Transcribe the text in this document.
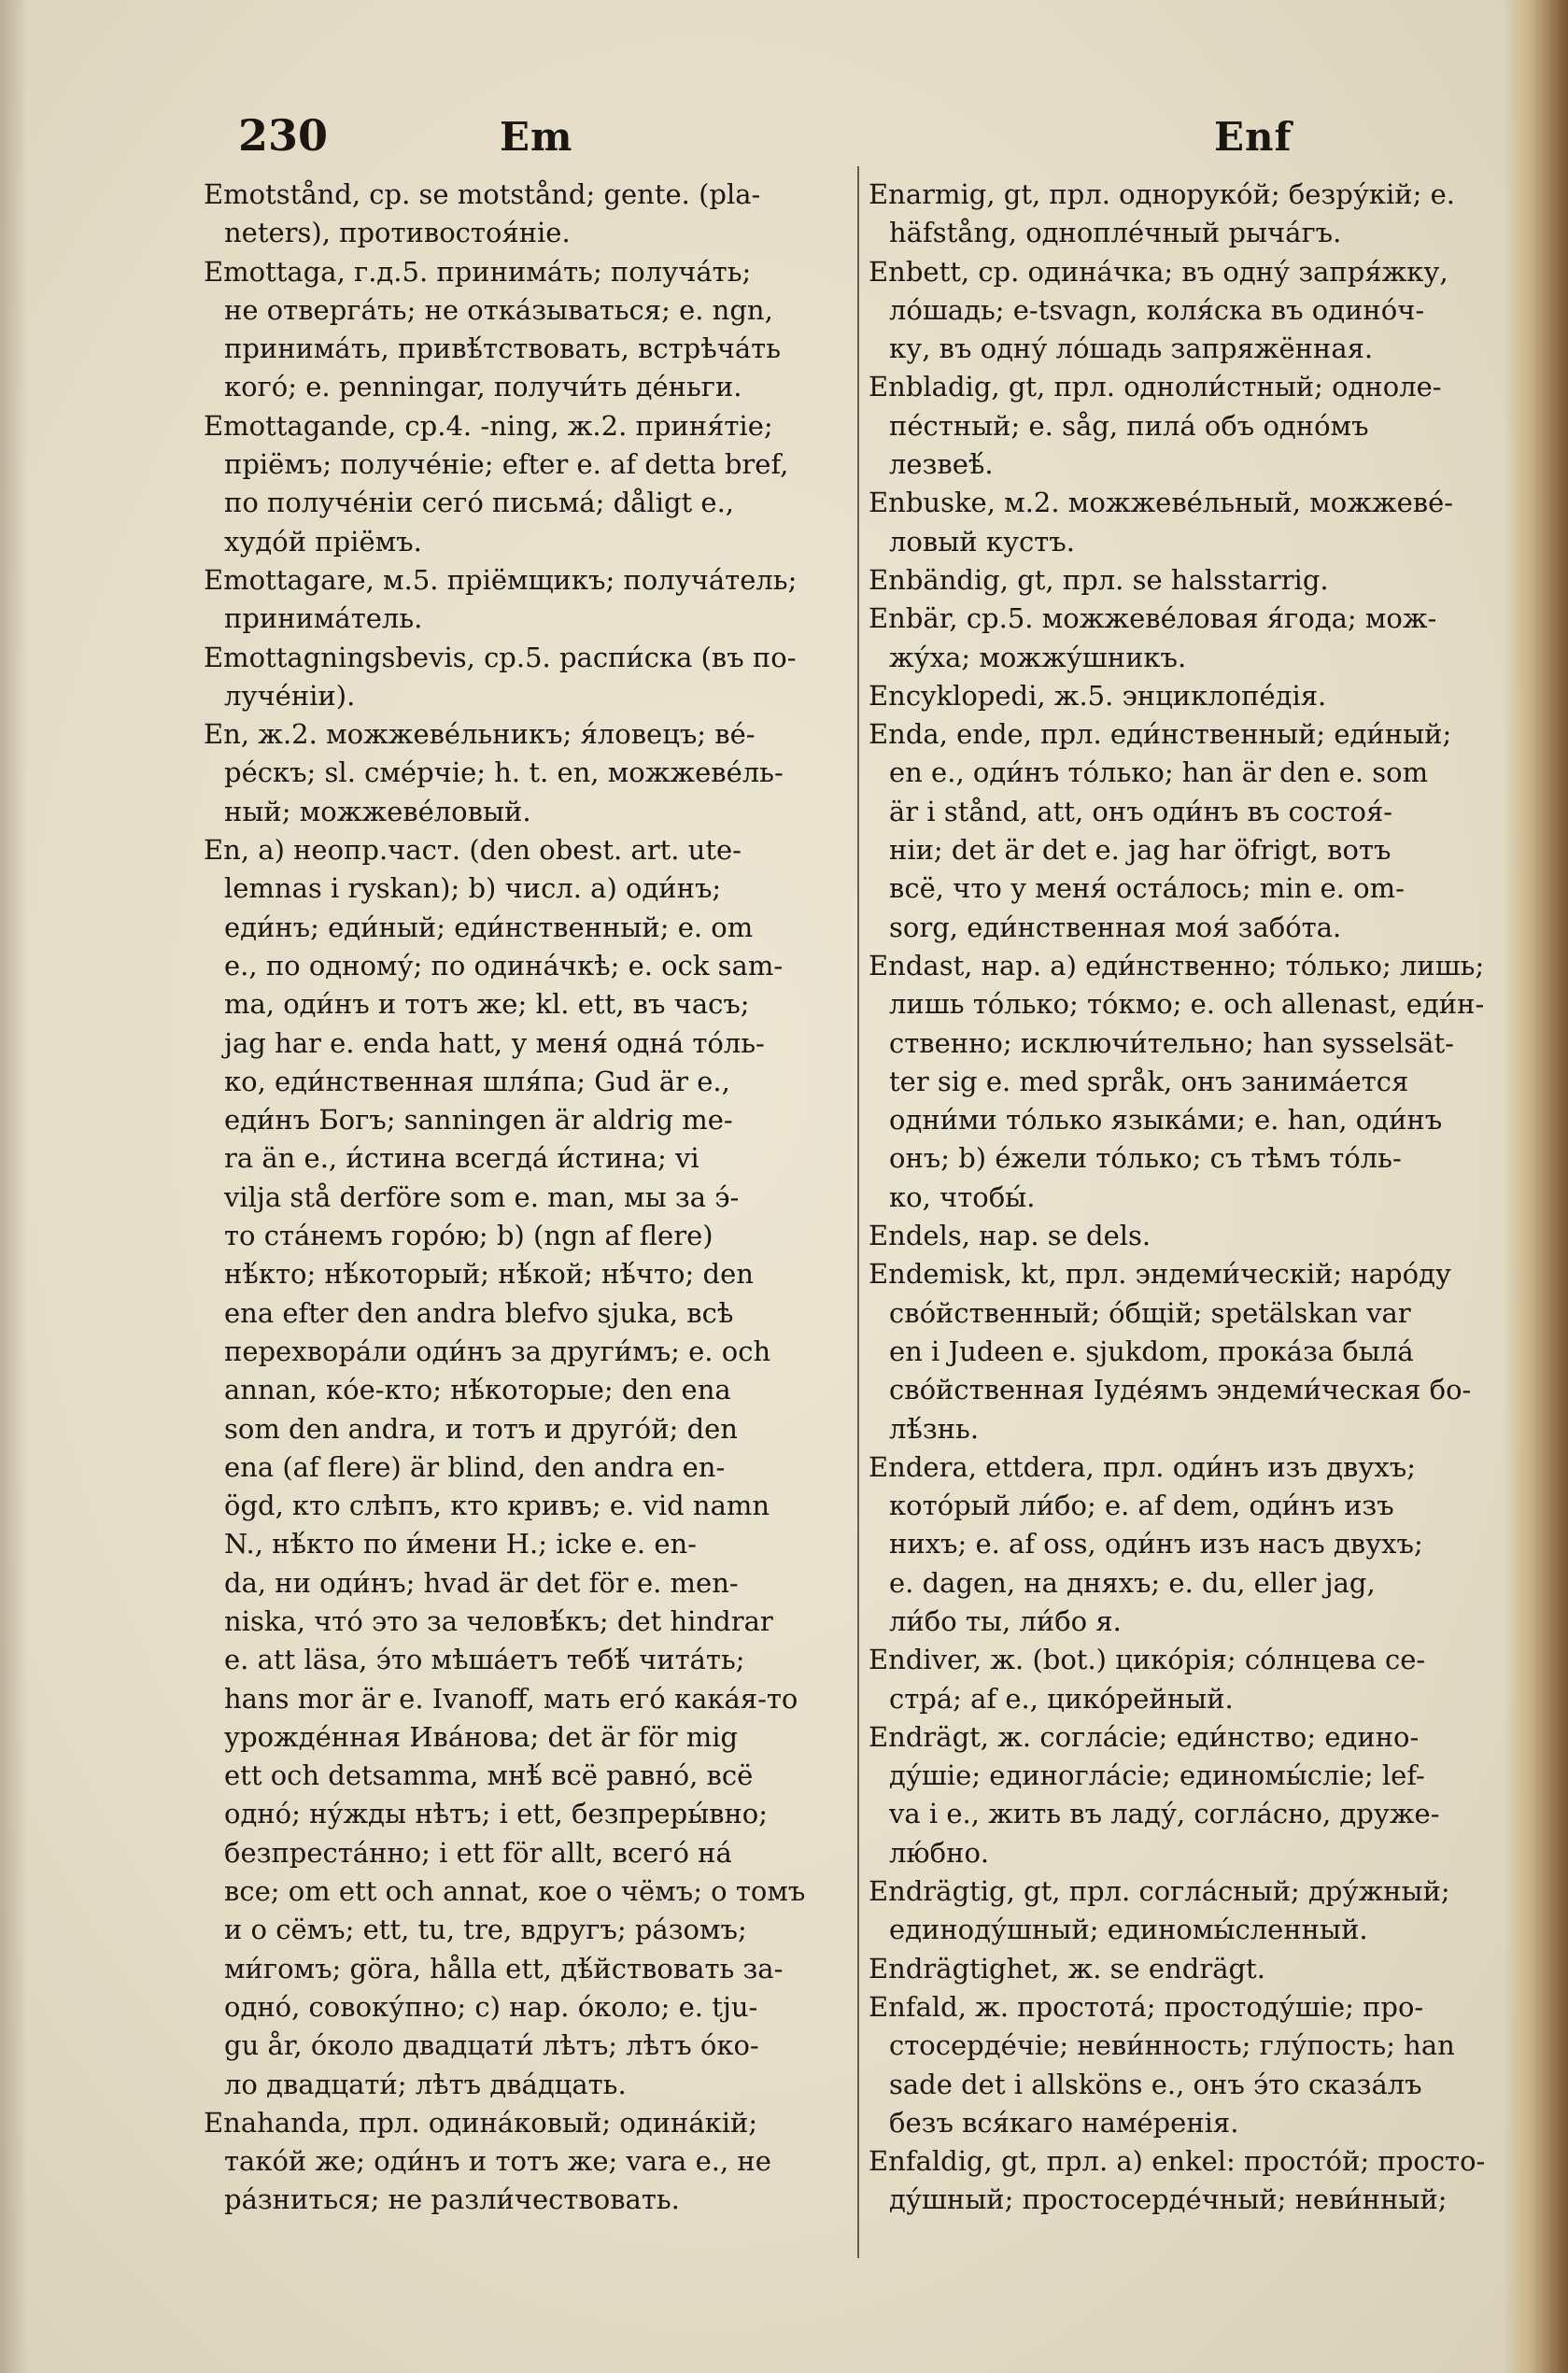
230	Em	Enf
Emotstånd, ср. se motstånd; gente. (pla-
neters), противостоя́ніе.
Emottaga, г.д.5. принима́ть; получа́ть;
не отверга́ть; не отка́зываться; e. ngn,
принима́ть, привѣ́тствовать, встрѣча́ть
кого́; e. penningar, получи́ть де́ньги.
Emottagande, ср.4. -ning, ж.2. приня́тіе;
пріёмъ; получе́ніе; efter e. af detta bref,
по получе́ніи сего́ письма́; dåligt e.,
худо́й пріёмъ.
Emottagare, м.5. пріёмщикъ; получа́тель;
принима́тель.
Emottagningsbevis, ср.5. распи́ска (въ по-
луче́ніи).
En, ж.2. можжеве́льникъ; я́ловецъ; ве́-
ре́скъ; sl. сме́рчіе; h. t. en, можжеве́ль-
ный; можжеве́ловый.
En, a) неопр.част. (den obest. art. ute-
lemnas i ryskan); b) числ. a) оди́нъ;
еди́нъ; еди́ный; еди́нственный; e. om
e., по одному́; по одина́чкѣ; e. ock sam-
ma, оди́нъ и тотъ же; kl. ett, въ часъ;
jag har e. enda hatt, у меня́ одна́ то́ль-
ко, еди́нственная шля́па; Gud är e.,
еди́нъ Богъ; sanningen är aldrig me-
ra än e., и́стина всегда́ и́стина; vi
vilja stå derföre som e. man, мы за э́-
то ста́немъ горо́ю; b) (ngn af flere)
нѣ́кто; нѣ́который; нѣ́кой; нѣ́что; den
ena efter den andra blefvo sjuka, всѣ
перехвора́ли оди́нъ за други́мъ; e. och
annan, ко́е-кто; нѣ́которые; den ena
som den andra, и тотъ и друго́й; den
ena (af flere) är blind, den andra en-
ögd, кто слѣпъ, кто кривъ; e. vid namn
N., нѣ́кто по и́мени Н.; icke e. en-
da, ни оди́нъ; hvad är det för e. men-
niska, что́ это за человѣ́къ; det hindrar
e. att läsa, э́то мѣша́етъ тебѣ́ чита́ть;
hans mor är e. Ivanoff, мать его́ кака́я-то
урожде́нная Ива́нова; det är för mig
ett och detsamma, мнѣ́ всё равно́, всё
одно́; ну́жды нѣтъ; i ett, безпреры́вно;
безпреста́нно; i ett för allt, всего́ на́
все; om ett och annat, кое о чёмъ; о томъ
и о сёмъ; ett, tu, tre, вдругъ; ра́зомъ;
ми́гомъ; göra, hålla ett, дѣ́йствовать за-
одно́, совоку́пно; c) нар. о́коло; e. tju-
gu år, о́коло двадцати́ лѣтъ; лѣтъ о́ко-
ло двадцати́; лѣтъ два́дцать.
Enahanda, прл. одина́ковый; одина́кій;
тако́й же; оди́нъ и тотъ же; vara e., не
ра́зниться; не разли́чествовать.
Enarmig, gt, прл. одноруко́й; безру́кій; e.
häfstång, однопле́чный рыча́гъ.
Enbett, ср. одина́чка; въ одну́ запря́жку,
ло́шадь; e-tsvagn, коля́ска въ одино́ч-
ку, въ одну́ ло́шадь запряжённая.
Enbladig, gt, прл. одноли́стный; одноле-
пе́стный; e. såg, пила́ объ одно́мъ
лезвеѣ́.
Enbuske, м.2. можжеве́льный, можжеве́-
ловый кустъ.
Enbändig, gt, прл. se halsstarrig.
Enbär, ср.5. можжеве́ловая я́года; мож-
жу́ха; можжу́шникъ.
Encyklopedi, ж.5. энциклопе́дія.
Enda, ende, прл. еди́нственный; еди́ный;
en e., оди́нъ то́лько; han är den e. som
är i stånd, att, онъ оди́нъ въ состоя́-
ніи; det är det e. jag har öfrigt, вотъ
всё, что у меня́ оста́лось; min e. om-
sorg, еди́нственная моя́ забо́та.
Endast, нар. a) еди́нственно; то́лько; лишь;
лишь то́лько; то́кмо; e. och allenast, еди́н-
ственно; исключи́тельно; han sysselsät-
ter sig e. med språk, онъ занима́ется
одни́ми то́лько языка́ми; e. han, оди́нъ
онъ; b) е́жели то́лько; съ тѣмъ то́ль-
ко, чтобы́.
Endels, нар. se dels.
Endemisk, kt, прл. эндеми́ческій; наро́ду
сво́йственный; о́бщій; spetälskan var
en i Judeen e. sjukdom, прока́за была́
сво́йственная Іуде́ямъ эндеми́ческая бо-
лѣ́знь.
Endera, ettdera, прл. оди́нъ изъ двухъ;
кото́рый ли́бо; e. af dem, оди́нъ изъ
нихъ; e. af oss, оди́нъ изъ насъ двухъ;
e. dagen, на дняхъ; e. du, eller jag,
ли́бо ты, ли́бо я.
Endiver, ж. (bot.) цико́рія; со́лнцева се-
стра́; af e., цико́рейный.
Endrägt, ж. согла́сіе; еди́нство; едино-
ду́шіе; единогла́сіе; единомы́сліе; lef-
va i e., жить въ ладу́, согла́сно, друже-
лю́бно.
Endrägtig, gt, прл. согла́сный; дру́жный;
единоду́шный; единомы́сленный.
Endrägtighet, ж. se endrägt.
Enfald, ж. простота́; простоду́шіе; про-
стосерде́чіе; неви́нность; глу́пость; han
sade det i allsköns e., онъ э́то сказа́лъ
безъ вся́каго наме́ренія.
Enfaldig, gt, прл. a) enkel: просто́й; просто-
ду́шный; простосерде́чный; неви́нный;
